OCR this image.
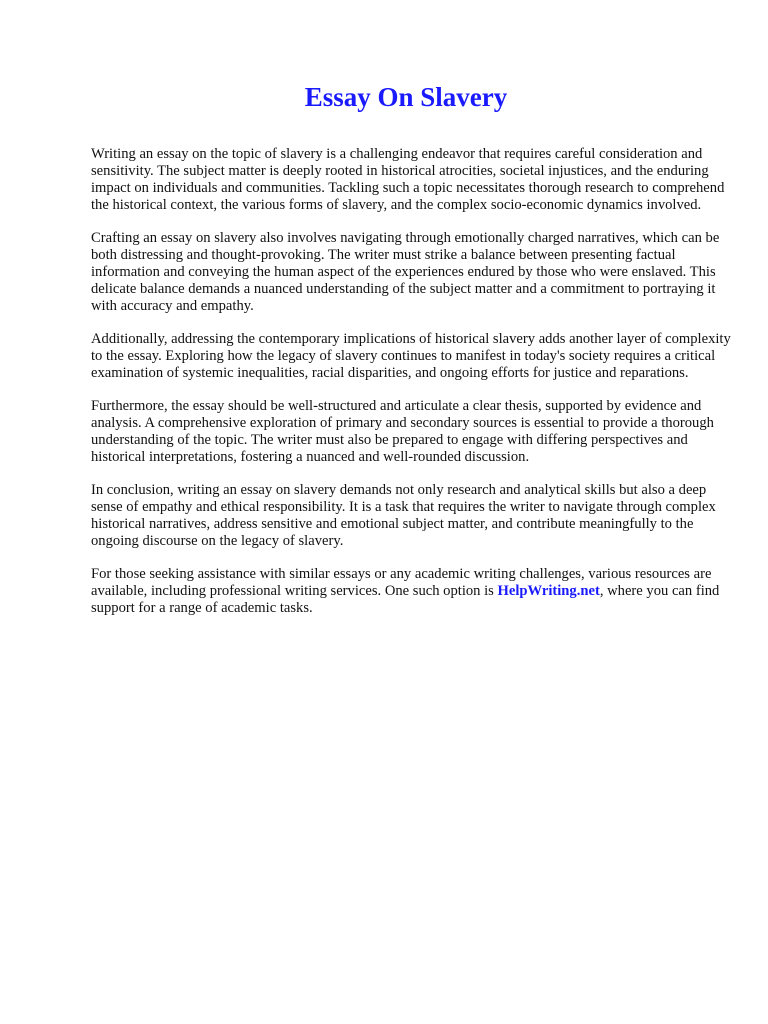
Essay On Slavery

Writing an essay on the topic of slavery is a challenging endeavor that requires careful consideration and sensitivity. The subject matter is deeply rooted in historical atrocities, societal injustices, and the enduring impact on individuals and communities. Tackling such a topic necessitates thorough research to comprehend the historical context, the various forms of slavery, and the complex socio-economic dynamics involved.

Crafting an essay on slavery also involves navigating through emotionally charged narratives, which can be both distressing and thought-provoking. The writer must strike a balance between presenting factual information and conveying the human aspect of the experiences endured by those who were enslaved. This delicate balance demands a nuanced understanding of the subject matter and a commitment to portraying it with accuracy and empathy.

Additionally, addressing the contemporary implications of historical slavery adds another layer of complexity to the essay. Exploring how the legacy of slavery continues to manifest in today's society requires a critical examination of systemic inequalities, racial disparities, and ongoing efforts for justice and reparations.

Furthermore, the essay should be well-structured and articulate a clear thesis, supported by evidence and analysis. A comprehensive exploration of primary and secondary sources is essential to provide a thorough understanding of the topic. The writer must also be prepared to engage with differing perspectives and historical interpretations, fostering a nuanced and well-rounded discussion.

In conclusion, writing an essay on slavery demands not only research and analytical skills but also a deep sense of empathy and ethical responsibility. It is a task that requires the writer to navigate through complex historical narratives, address sensitive and emotional subject matter, and contribute meaningfully to the ongoing discourse on the legacy of slavery.

For those seeking assistance with similar essays or any academic writing challenges, various resources are available, including professional writing services. One such option is HelpWriting.net, where you can find support for a range of academic tasks.
